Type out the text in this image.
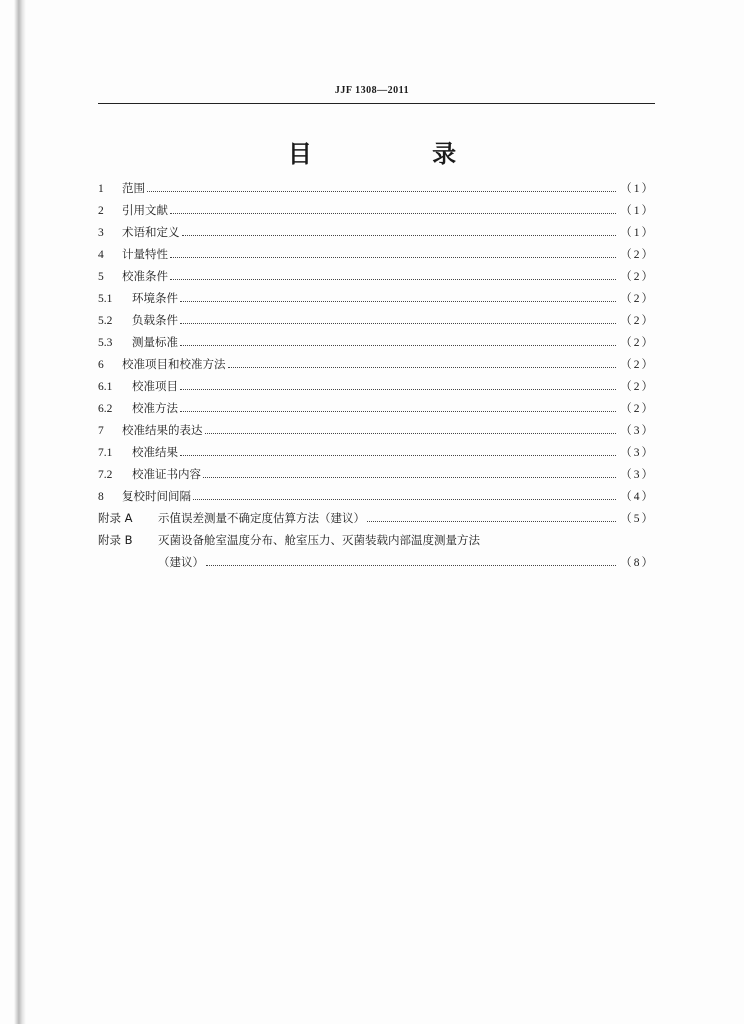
JJF 1308—2011
目 录
1	范围	（1）
2	引用文献	（1）
3	术语和定义	（1）
4	计量特性	（2）
5	校准条件	（2）
5.1	环境条件	（2）
5.2	负载条件	（2）
5.3	测量标准	（2）
6	校准项目和校准方法	（2）
6.1	校准项目	（2）
6.2	校准方法	（2）
7	校准结果的表达	（3）
7.1	校准结果	（3）
7.2	校准证书内容	（3）
8	复校时间间隔	（4）
附录 A	示值误差测量不确定度估算方法（建议）	（5）
附录 B	灭菌设备舱室温度分布、舱室压力、灭菌装载内部温度测量方法
（建议）	（8）
